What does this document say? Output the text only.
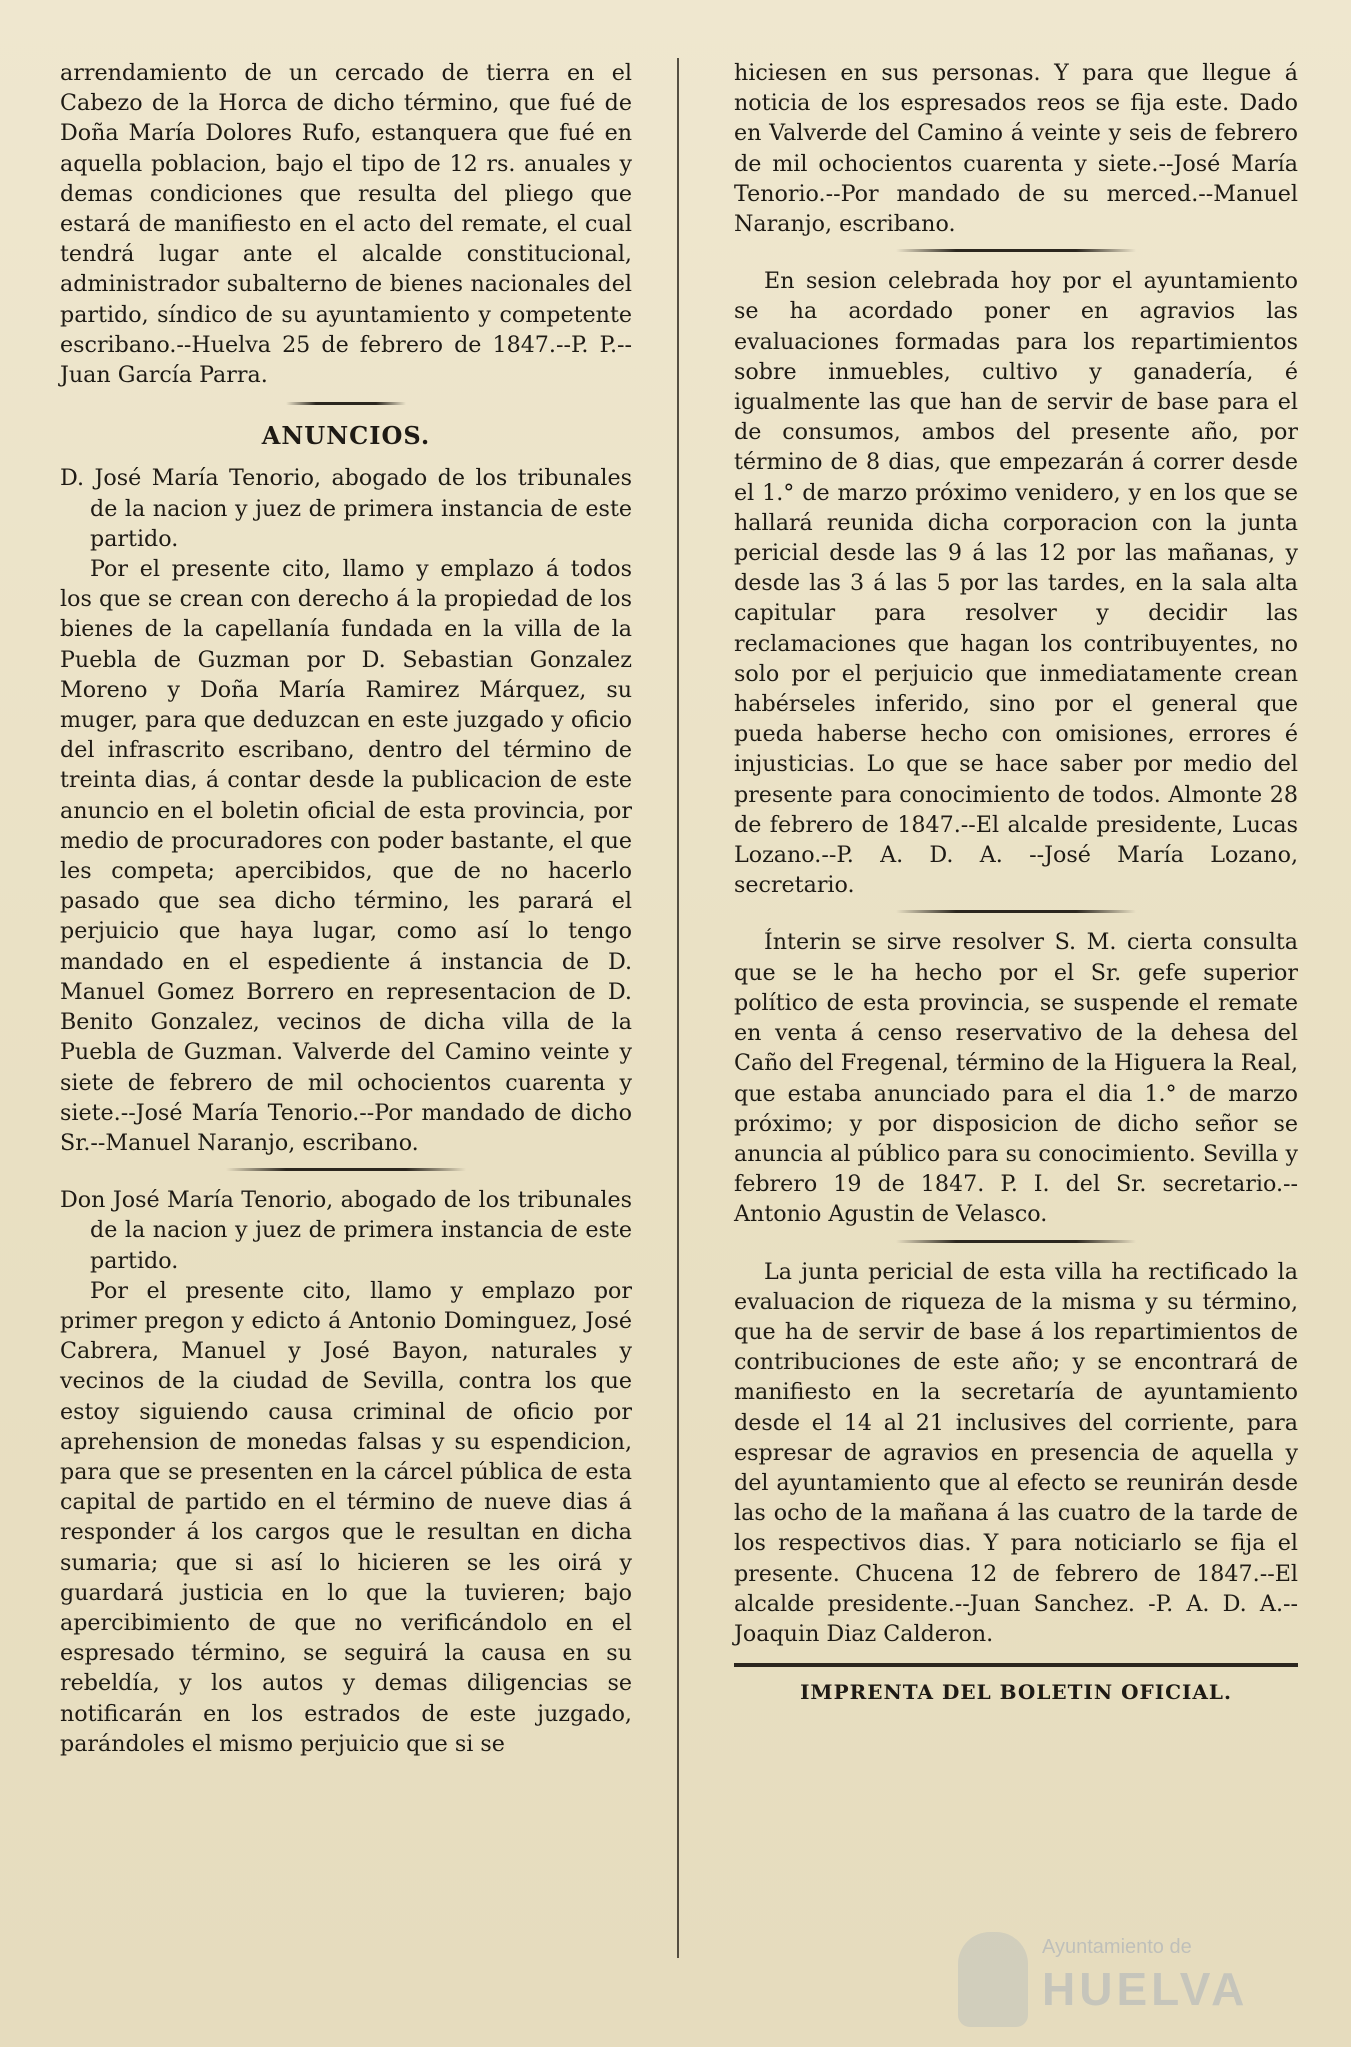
arrendamiento de un cercado de tierra en el Cabezo de la Horca de dicho término, que fué de Doña María Dolores Rufo, estanquera que fué en aquella poblacion, bajo el tipo de 12 rs. anuales y demas condiciones que resulta del pliego que estará de manifiesto en el acto del remate, el cual tendrá lugar ante el alcalde constitucional, administrador subalterno de bienes nacionales del partido, síndico de su ayuntamiento y competente escribano.--Huelva 25 de febrero de 1847.--P. P.--Juan García Parra.

ANUNCIOS.

D. José María Tenorio, abogado de los tribunales de la nacion y juez de primera instancia de este partido.

Por el presente cito, llamo y emplazo á todos los que se crean con derecho á la propiedad de los bienes de la capellanía fundada en la villa de la Puebla de Guzman por D. Sebastian Gonzalez Moreno y Doña María Ramirez Márquez, su muger, para que deduzcan en este juzgado y oficio del infrascrito escribano, dentro del término de treinta dias, á contar desde la publicacion de este anuncio en el boletin oficial de esta provincia, por medio de procuradores con poder bastante, el que les competa; apercibidos, que de no hacerlo pasado que sea dicho término, les parará el perjuicio que haya lugar, como así lo tengo mandado en el espediente á instancia de D. Manuel Gomez Borrero en representacion de D. Benito Gonzalez, vecinos de dicha villa de la Puebla de Guzman. Valverde del Camino veinte y siete de febrero de mil ochocientos cuarenta y siete.--José María Tenorio.--Por mandado de dicho Sr.--Manuel Naranjo, escribano.

Don José María Tenorio, abogado de los tribunales de la nacion y juez de primera instancia de este partido.

Por el presente cito, llamo y emplazo por primer pregon y edicto á Antonio Dominguez, José Cabrera, Manuel y José Bayon, naturales y vecinos de la ciudad de Sevilla, contra los que estoy siguiendo causa criminal de oficio por aprehension de monedas falsas y su espendicion, para que se presenten en la cárcel pública de esta capital de partido en el término de nueve dias á responder á los cargos que le resultan en dicha sumaria; que si así lo hicieren se les oirá y guardará justicia en lo que la tuvieren; bajo apercibimiento de que no verificándolo en el espresado término, se seguirá la causa en su rebeldía, y los autos y demas diligencias se notificarán en los estrados de este juzgado, parándoles el mismo perjuicio que si se

hiciesen en sus personas. Y para que llegue á noticia de los espresados reos se fija este. Dado en Valverde del Camino á veinte y seis de febrero de mil ochocientos cuarenta y siete.--José María Tenorio.--Por mandado de su merced.--Manuel Naranjo, escribano.

En sesion celebrada hoy por el ayuntamiento se ha acordado poner en agravios las evaluaciones formadas para los repartimientos sobre inmuebles, cultivo y ganadería, é igualmente las que han de servir de base para el de consumos, ambos del presente año, por término de 8 dias, que empezarán á correr desde el 1.° de marzo próximo venidero, y en los que se hallará reunida dicha corporacion con la junta pericial desde las 9 á las 12 por las mañanas, y desde las 3 á las 5 por las tardes, en la sala alta capitular para resolver y decidir las reclamaciones que hagan los contribuyentes, no solo por el perjuicio que inmediatamente crean habérseles inferido, sino por el general que pueda haberse hecho con omisiones, errores é injusticias. Lo que se hace saber por medio del presente para conocimiento de todos. Almonte 28 de febrero de 1847.--El alcalde presidente, Lucas Lozano.--P. A. D. A. --José María Lozano, secretario.

Ínterin se sirve resolver S. M. cierta consulta que se le ha hecho por el Sr. gefe superior político de esta provincia, se suspende el remate en venta á censo reservativo de la dehesa del Caño del Fregenal, término de la Higuera la Real, que estaba anunciado para el dia 1.° de marzo próximo; y por disposicion de dicho señor se anuncia al público para su conocimiento. Sevilla y febrero 19 de 1847. P. I. del Sr. secretario.--Antonio Agustin de Velasco.

La junta pericial de esta villa ha rectificado la evaluacion de riqueza de la misma y su término, que ha de servir de base á los repartimientos de contribuciones de este año; y se encontrará de manifiesto en la secretaría de ayuntamiento desde el 14 al 21 inclusives del corriente, para espresar de agravios en presencia de aquella y del ayuntamiento que al efecto se reunirán desde las ocho de la mañana á las cuatro de la tarde de los respectivos dias. Y para noticiarlo se fija el presente. Chucena 12 de febrero de 1847.--El alcalde presidente.--Juan Sanchez. -P. A. D. A.--Joaquin Diaz Calderon.

IMPRENTA DEL BOLETIN OFICIAL.
Ayuntamiento de
HUELVA
